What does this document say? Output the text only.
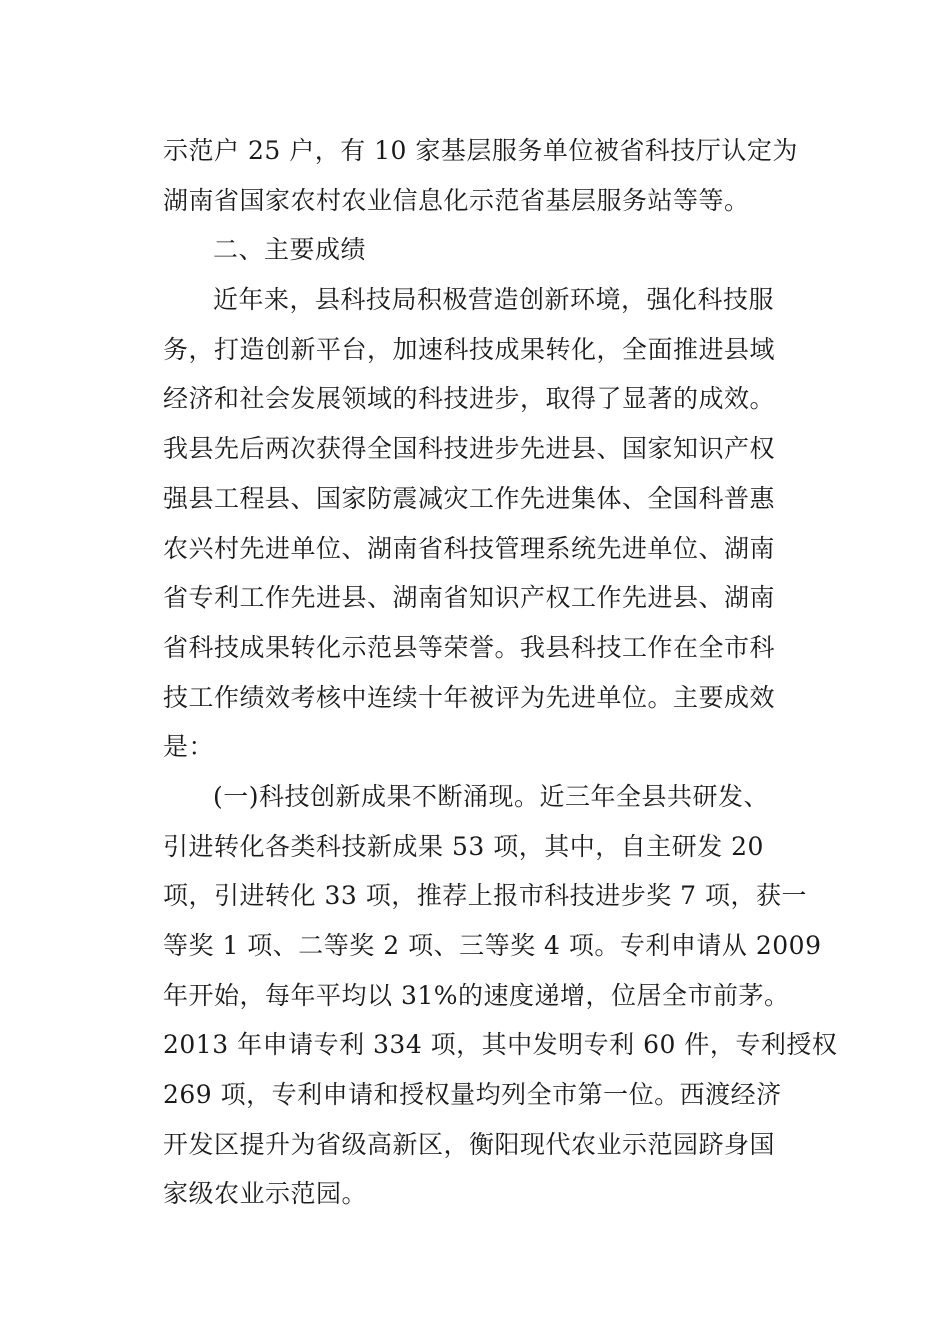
示范户 25 户，有 10 家基层服务单位被省科技厅认定为
湖南省国家农村农业信息化示范省基层服务站等等。
二、主要成绩
近年来，县科技局积极营造创新环境，强化科技服
务，打造创新平台，加速科技成果转化，全面推进县域
经济和社会发展领域的科技进步，取得了显著的成效。
我县先后两次获得全国科技进步先进县、国家知识产权
强县工程县、国家防震减灾工作先进集体、全国科普惠
农兴村先进单位、湖南省科技管理系统先进单位、湖南
省专利工作先进县、湖南省知识产权工作先进县、湖南
省科技成果转化示范县等荣誉。我县科技工作在全市科
技工作绩效考核中连续十年被评为先进单位。主要成效
是：
(一)科技创新成果不断涌现。近三年全县共研发、
引进转化各类科技新成果 53 项，其中，自主研发 20
项，引进转化 33 项，推荐上报市科技进步奖 7 项，获一
等奖 1 项、二等奖 2 项、三等奖 4 项。专利申请从 2009
年开始，每年平均以 31%的速度递增，位居全市前茅。
2013 年申请专利 334 项，其中发明专利 60 件，专利授权
269 项，专利申请和授权量均列全市第一位。西渡经济
开发区提升为省级高新区，衡阳现代农业示范园跻身国
家级农业示范园。
